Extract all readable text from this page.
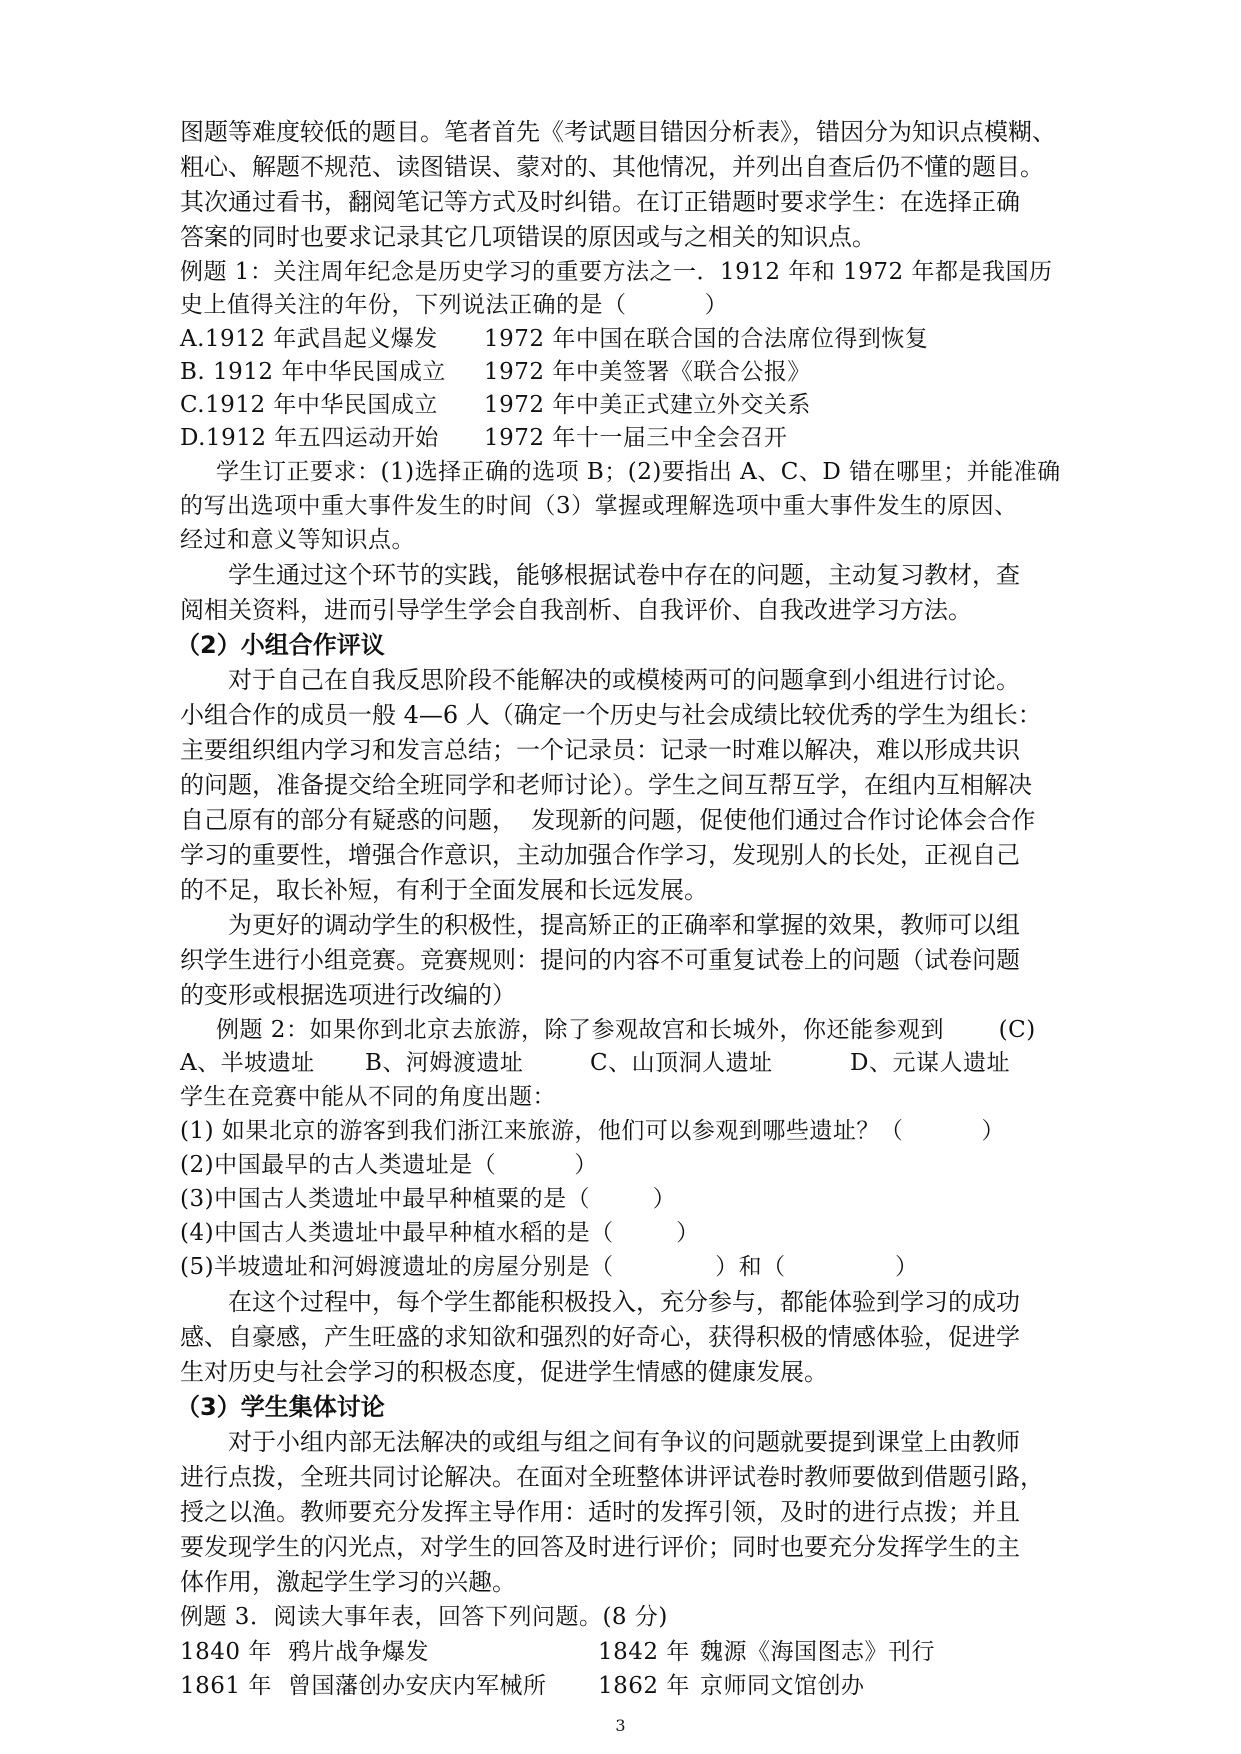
图题等难度较低的题目。笔者首先《考试题目错因分析表》，错因分为知识点模糊、
粗心、解题不规范、读图错误、蒙对的、其他情况，并列出自查后仍不懂的题目。
其次通过看书，翻阅笔记等方式及时纠错。在订正错题时要求学生：在选择正确
答案的同时也要求记录其它几项错误的原因或与之相关的知识点。
例题 1：关注周年纪念是历史学习的重要方法之一．1912 年和 1972 年都是我国历
史上值得关注的年份，下列说法正确的是（          ）
A.1912 年武昌起义爆发 1972 年中国在联合国的合法席位得到恢复
B. 1912 年中华民国成立 1972 年中美签署《联合公报》
C.1912 年中华民国成立 1972 年中美正式建立外交关系
D.1912 年五四运动开始 1972 年十一届三中全会召开
学生订正要求：(1)选择正确的选项 B；(2)要指出 A、C、D 错在哪里；并能准确
的写出选项中重大事件发生的时间（3）掌握或理解选项中重大事件发生的原因、
经过和意义等知识点。
学生通过这个环节的实践，能够根据试卷中存在的问题，主动复习教材，查
阅相关资料，进而引导学生学会自我剖析、自我评价、自我改进学习方法。
（2）小组合作评议
对于自己在自我反思阶段不能解决的或模棱两可的问题拿到小组进行讨论。
小组合作的成员一般 4—6 人（确定一个历史与社会成绩比较优秀的学生为组长：
主要组织组内学习和发言总结；一个记录员：记录一时难以解决，难以形成共识
的问题，准备提交给全班同学和老师讨论）。学生之间互帮互学，在组内互相解决
自己原有的部分有疑惑的问题，  发现新的问题，促使他们通过合作讨论体会合作
学习的重要性，增强合作意识，主动加强合作学习，发现别人的长处，正视自己
的不足，取长补短，有利于全面发展和长远发展。
为更好的调动学生的积极性，提高矫正的正确率和掌握的效果，教师可以组
织学生进行小组竞赛。竞赛规则：提问的内容不可重复试卷上的问题（试卷问题
的变形或根据选项进行改编的）
例题 2：如果你到北京去旅游，除了参观故宫和长城外，你还能参观到       (C)
A、半坡遗址 B、河姆渡遗址	C、山顶洞人遗址	D、元谋人遗址
学生在竞赛中能从不同的角度出题：
(1) 如果北京的游客到我们浙江来旅游，他们可以参观到哪些遗址？（          ）
(2)中国最早的古人类遗址是（          ）
(3)中国古人类遗址中最早种植粟的是（        ）
(4)中国古人类遗址中最早种植水稻的是（        ）
(5)半坡遗址和河姆渡遗址的房屋分别是（             ）和（              ）
在这个过程中，每个学生都能积极投入，充分参与，都能体验到学习的成功
感、自豪感，产生旺盛的求知欲和强烈的好奇心，获得积极的情感体验，促进学
生对历史与社会学习的积极态度，促进学生情感的健康发展。
（3）学生集体讨论
对于小组内部无法解决的或组与组之间有争议的问题就要提到课堂上由教师
进行点拨，全班共同讨论解决。在面对全班整体讲评试卷时教师要做到借题引路，
授之以渔。教师要充分发挥主导作用：适时的发挥引领，及时的进行点拨；并且
要发现学生的闪光点，对学生的回答及时进行评价；同时也要充分发挥学生的主
体作用，激起学生学习的兴趣。
例题 3．阅读大事年表，回答下列问题。(8 分)
1840 年 鸦片战争爆发	1842 年 魏源《海国图志》刊行
1861 年 曾国藩创办安庆内军械所 1862 年 京师同文馆创办
3
